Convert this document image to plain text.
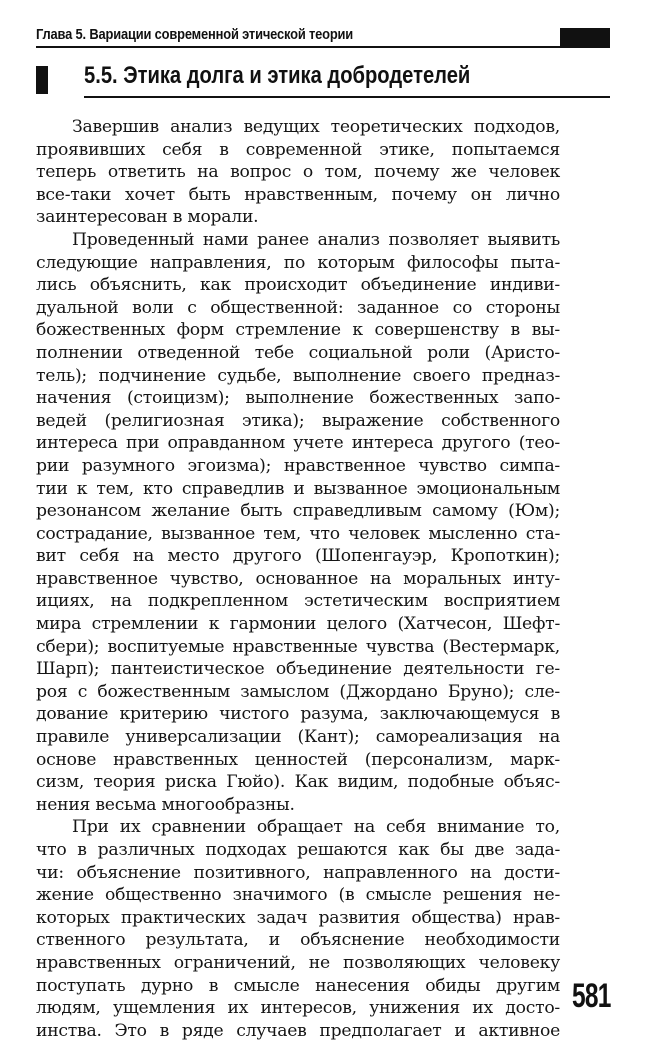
Глава 5. Вариации современной этической теории
5.5. Этика долга и этика добродетелей
Завершив анализ ведущих теоретических подходов,
проявивших себя в современной этике, попытаемся
теперь ответить на вопрос о том, почему же человек
все-таки хочет быть нравственным, почему он лично
заинтересован в морали.
Проведенный нами ранее анализ позволяет выявить
следующие направления, по которым философы пыта-
лись объяснить, как происходит объединение индиви-
дуальной воли с общественной: заданное со стороны
божественных форм стремление к совершенству в вы-
полнении отведенной тебе социальной роли (Аристо-
тель); подчинение судьбе, выполнение своего предназ-
начения (стоицизм); выполнение божественных запо-
ведей (религиозная этика); выражение собственного
интереса при оправданном учете интереса другого (тео-
рии разумного эгоизма); нравственное чувство симпа-
тии к тем, кто справедлив и вызванное эмоциональным
резонансом желание быть справедливым самому (Юм);
сострадание, вызванное тем, что человек мысленно ста-
вит себя на место другого (Шопенгауэр, Кропоткин);
нравственное чувство, основанное на моральных инту-
ициях, на подкрепленном эстетическим восприятием
мира стремлении к гармонии целого (Хатчесон, Шефт-
сбери); воспитуемые нравственные чувства (Вестермарк,
Шарп); пантеистическое объединение деятельности ге-
роя с божественным замыслом (Джордано Бруно); сле-
дование критерию чистого разума, заключающемуся в
правиле универсализации (Кант); самореализация на
основе нравственных ценностей (персонализм, марк-
сизм, теория риска Гюйо). Как видим, подобные объяс-
нения весьма многообразны.
При их сравнении обращает на себя внимание то,
что в различных подходах решаются как бы две зада-
чи: объяснение позитивного, направленного на дости-
жение общественно значимого (в смысле решения не-
которых практических задач развития общества) нрав-
ственного результата, и объяснение необходимости
нравственных ограничений, не позволяющих человеку
поступать дурно в смысле нанесения обиды другим
людям, ущемления их интересов, унижения их досто-
инства. Это в ряде случаев предполагает и активное
581
